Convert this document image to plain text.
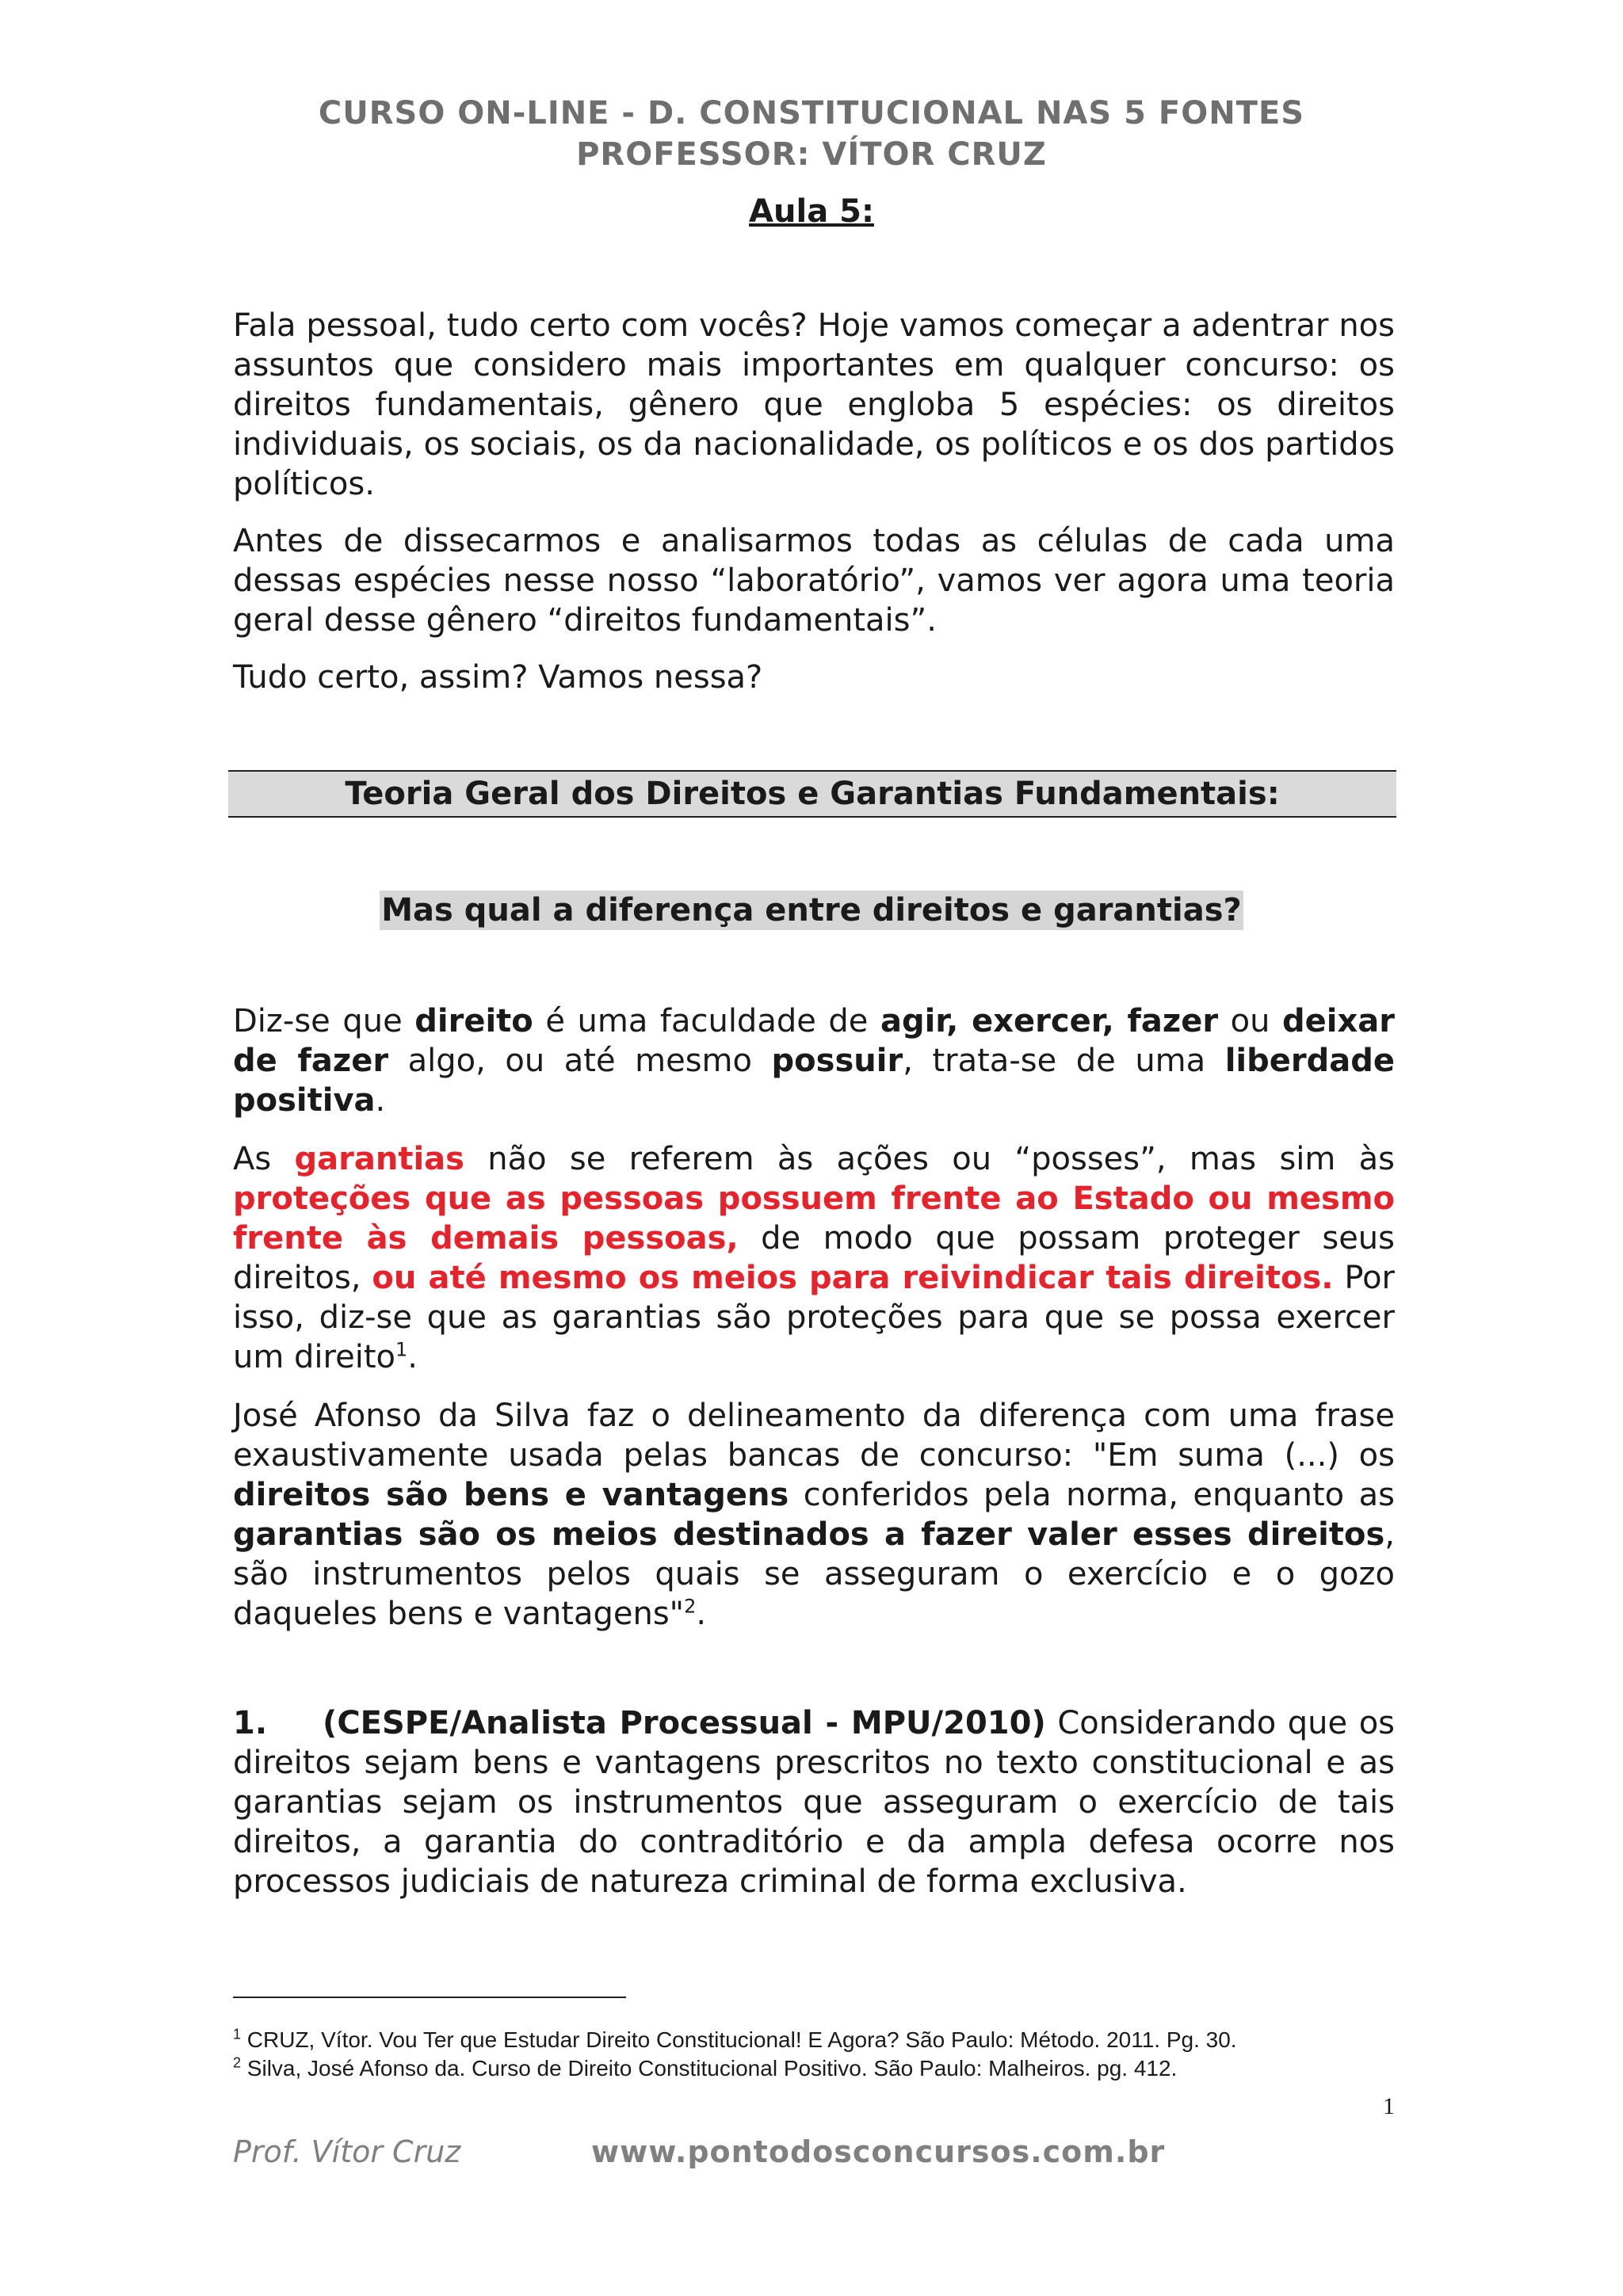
CURSO ON-LINE - D. CONSTITUCIONAL NAS 5 FONTES
PROFESSOR: VÍTOR CRUZ
Aula 5:
Fala pessoal, tudo certo com vocês? Hoje vamos começar a adentrar nos assuntos que considero mais importantes em qualquer concurso: os direitos fundamentais, gênero que engloba 5 espécies: os direitos individuais, os sociais, os da nacionalidade, os políticos e os dos partidos políticos.
Antes de dissecarmos e analisarmos todas as células de cada uma dessas espécies nesse nosso “laboratório”, vamos ver agora uma teoria geral desse gênero “direitos fundamentais”.
Tudo certo, assim? Vamos nessa?
Teoria Geral dos Direitos e Garantias Fundamentais:
Mas qual a diferença entre direitos e garantias?
Diz-se que direito é uma faculdade de agir, exercer, fazer ou deixar de fazer algo, ou até mesmo possuir, trata-se de uma liberdade positiva.
As garantias não se referem às ações ou “posses”, mas sim às proteções que as pessoas possuem frente ao Estado ou mesmo frente às demais pessoas, de modo que possam proteger seus direitos, ou até mesmo os meios para reivindicar tais direitos. Por isso, diz-se que as garantias são proteções para que se possa exercer um direito$^1$.
José Afonso da Silva faz o delineamento da diferença com uma frase exaustivamente usada pelas bancas de concurso: "Em suma (...) os direitos são bens e vantagens conferidos pela norma, enquanto as garantias são os meios destinados a fazer valer esses direitos, são instrumentos pelos quais se asseguram o exercício e o gozo daqueles bens e vantagens"$^2$.
1. (CESPE/Analista Processual - MPU/2010) Considerando que os direitos sejam bens e vantagens prescritos no texto constitucional e as garantias sejam os instrumentos que asseguram o exercício de tais direitos, a garantia do contraditório e da ampla defesa ocorre nos processos judiciais de natureza criminal de forma exclusiva.
$^1$ CRUZ, Vítor. Vou Ter que Estudar Direito Constitucional! E Agora? São Paulo: Método. 2011. Pg. 30.
$^2$ Silva, José Afonso da. Curso de Direito Constitucional Positivo. São Paulo: Malheiros. pg. 412.
1
Prof. Vítor Cruz	www.pontodosconcursos.com.br
